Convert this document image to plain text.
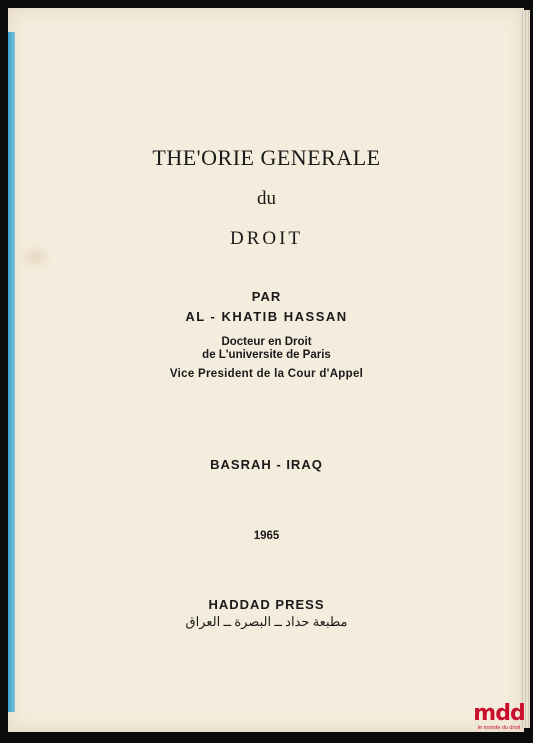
THE'ORIE GENERALE
du
DROIT
PAR
AL - KHATIB HASSAN
Docteur en Droit
de L'universite de Paris
Vice President de la Cour d'Appel
BASRAH - IRAQ
1965
HADDAD PRESS
مطبعة حداد ــ البصرة ــ العراق
mdd
le monde du droit
